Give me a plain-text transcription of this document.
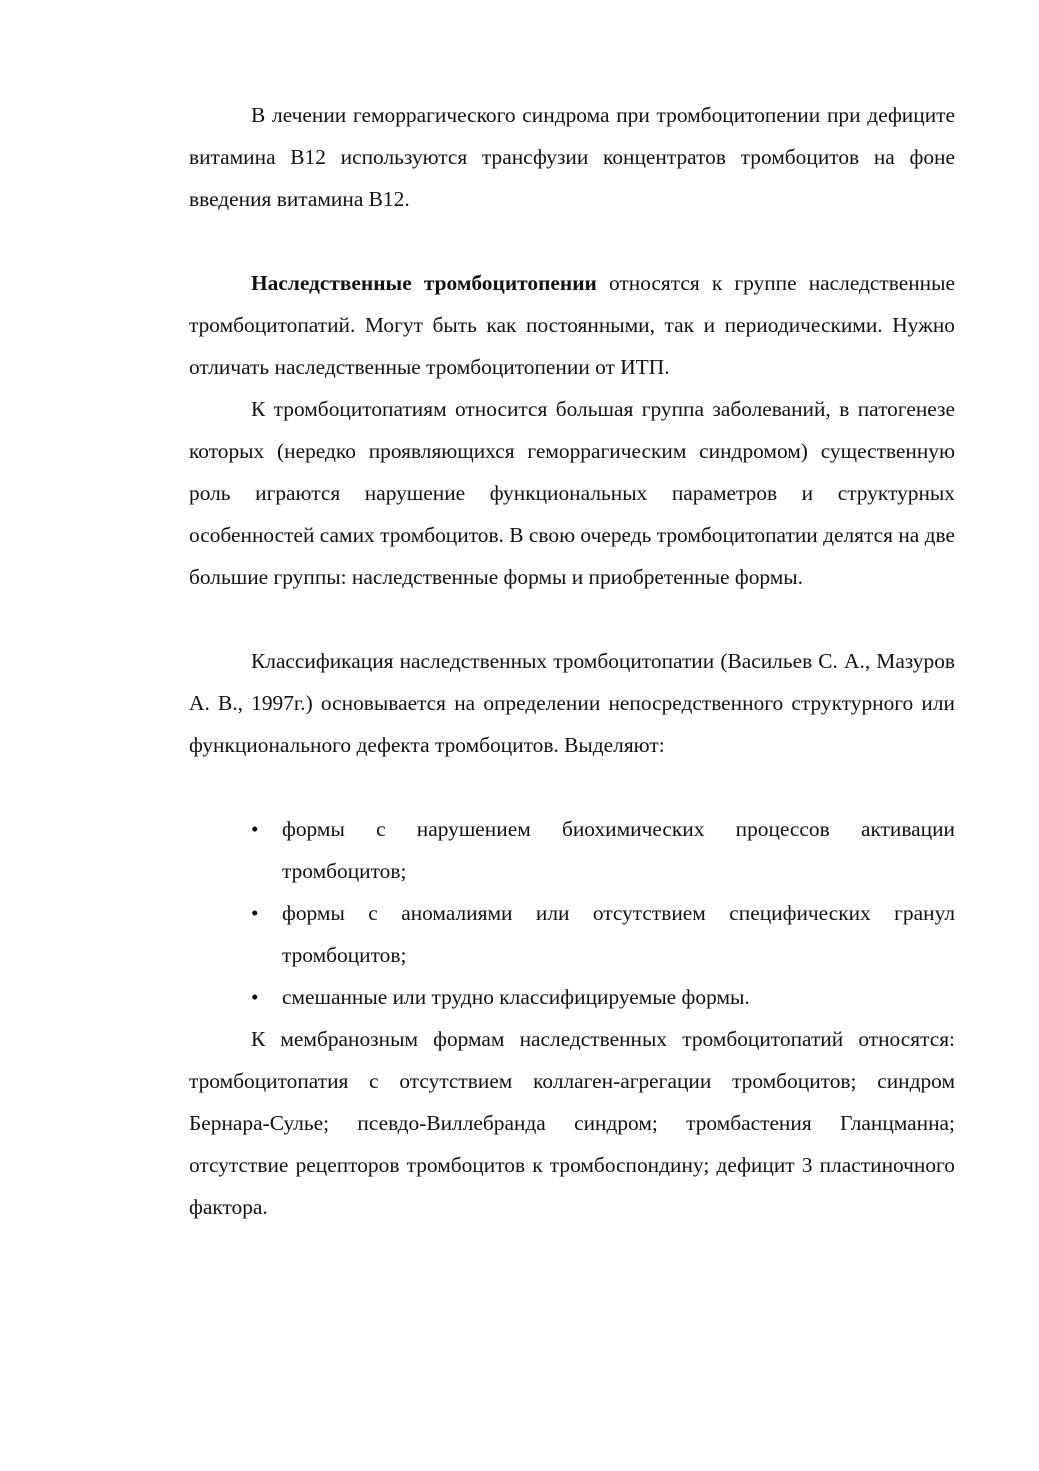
В лечении геморрагического синдрома при тромбоцитопении при дефиците витамина В12 используются трансфузии концентратов тромбоцитов на фоне введения витамина В12.

Наследственные тромбоцитопении относятся к группе наследственные тромбоцитопатий. Могут быть как постоянными, так и периодическими. Нужно отличать наследственные тромбоцитопении от ИТП.

К тромбоцитопатиям относится большая группа заболеваний, в патогенезе которых (нередко проявляющихся геморрагическим синдромом) существенную роль играются нарушение функциональных параметров и структурных особенностей самих тромбоцитов. В свою очередь тромбоцитопатии делятся на две большие группы: наследственные формы и приобретенные формы.

Классификация наследственных тромбоцитопатии (Васильев С. А., Мазуров А. В., 1997г.) основывается на определении непосредственного структурного или функционального дефекта тромбоцитов. Выделяют:

•	формы с нарушением биохимических процессов активации тромбоцитов;
•	формы с аномалиями или отсутствием специфических гранул тромбоцитов;
•	смешанные или трудно классифицируемые формы.

К мембранозным формам наследственных тромбоцитопатий относятся: тромбоцитопатия с отсутствием коллаген-агрегации тромбоцитов; синдром Бернара-Сулье; псевдо-Виллебранда синдром; тромбастения Гланцманна; отсутствие рецепторов тромбоцитов к тромбоспондину; дефицит 3 пластиночного фактора.
